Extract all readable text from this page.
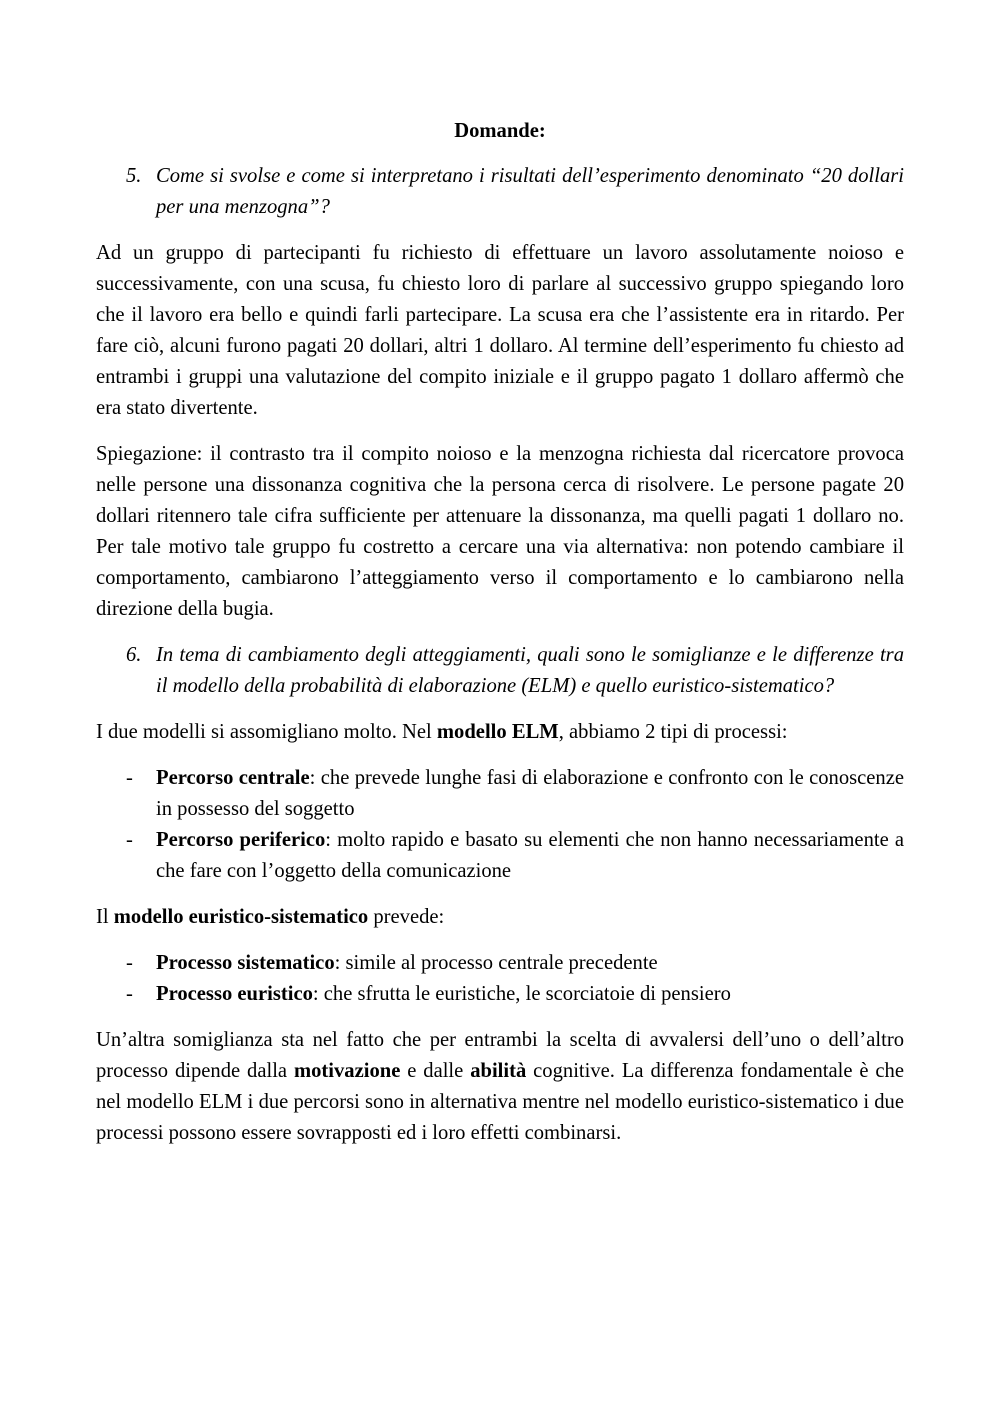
Domande:
5. Come si svolse e come si interpretano i risultati dell’esperimento denominato “20 dollari per una menzogna”?

Ad un gruppo di partecipanti fu richiesto di effettuare un lavoro assolutamente noioso e successivamente, con una scusa, fu chiesto loro di parlare al successivo gruppo spiegando loro che il lavoro era bello e quindi farli partecipare. La scusa era che l’assistente era in ritardo. Per fare ciò, alcuni furono pagati 20 dollari, altri 1 dollaro. Al termine dell’esperimento fu chiesto ad entrambi i gruppi una valutazione del compito iniziale e il gruppo pagato 1 dollaro affermò che era stato divertente.

Spiegazione: il contrasto tra il compito noioso e la menzogna richiesta dal ricercatore provoca nelle persone una dissonanza cognitiva che la persona cerca di risolvere. Le persone pagate 20 dollari ritennero tale cifra sufficiente per attenuare la dissonanza, ma quelli pagati 1 dollaro no. Per tale motivo tale gruppo fu costretto a cercare una via alternativa: non potendo cambiare il comportamento, cambiarono l’atteggiamento verso il comportamento e lo cambiarono nella direzione della bugia.

6. In tema di cambiamento degli atteggiamenti, quali sono le somiglianze e le differenze tra il modello della probabilità di elaborazione (ELM) e quello euristico-sistematico?

I due modelli si assomigliano molto. Nel modello ELM, abbiamo 2 tipi di processi:

-	Percorso centrale: che prevede lunghe fasi di elaborazione e confronto con le conoscenze in possesso del soggetto
-	Percorso periferico: molto rapido e basato su elementi che non hanno necessariamente a che fare con l’oggetto della comunicazione

Il modello euristico-sistematico prevede:

-	Processo sistematico: simile al processo centrale precedente
-	Processo euristico: che sfrutta le euristiche, le scorciatoie di pensiero

Un’altra somiglianza sta nel fatto che per entrambi la scelta di avvalersi dell’uno o dell’altro processo dipende dalla motivazione e dalle abilità cognitive. La differenza fondamentale è che nel modello ELM i due percorsi sono in alternativa mentre nel modello euristico-sistematico i due processi possono essere sovrapposti ed i loro effetti combinarsi.
